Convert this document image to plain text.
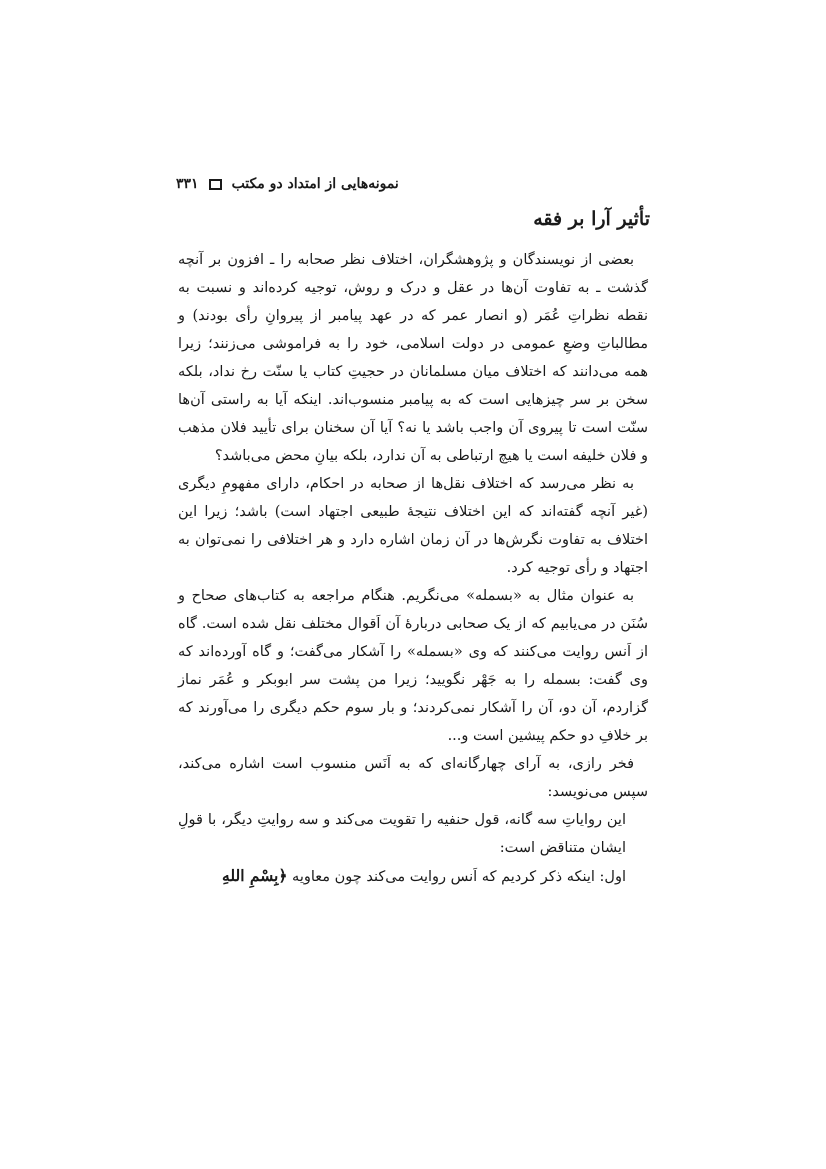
نمونه‌هایی از امتداد دو مکتب
۳۳۱
تأثیر آرا بر فقه

بعضی از نویسندگان و پژوهشگران، اختلاف نظر صحابه را ـ افزون بر آنچه گذشت ـ به تفاوت آن‌ها در عقل و درک و روش، توجیه کرده‌اند و نسبت به نقطه نظراتِ عُمَر (و انصار عمر که در عهد پیامبر از پیروانِ رأی بودند) و مطالباتِ وضعِ عمومی در دولت اسلامی، خود را به فراموشی می‌زنند؛ زیرا همه می‌دانند که اختلاف میان مسلمانان در حجیتِ کتاب یا سنّت رخ نداد، بلکه سخن بر سر چیزهایی است که به پیامبر منسوب‌اند. اینکه آیا به راستی آن‌ها سنّت است تا پیروی آن واجب باشد یا نه؟ آیا آن سخنان برای تأیید فلان مذهب و فلان خلیفه است یا هیچ ارتباطی به آن ندارد، بلکه بیانِ محض می‌باشد؟

به نظر می‌رسد که اختلاف نقل‌ها از صحابه در احکام، دارای مفهومِ دیگری (غیر آنچه گفته‌اند که این اختلاف نتیجهٔ طبیعی اجتهاد است) باشد؛ زیرا این اختلاف به تفاوت نگرش‌ها در آن زمان اشاره دارد و هر اختلافی را نمی‌توان به اجتهاد و رأی توجیه کرد.

به عنوان مثال به «بسمله» می‌نگریم. هنگام مراجعه به کتاب‌های صحاح و سُنَن در می‌یابیم که از یک صحابی دربارهٔ آن اَقوال مختلف نقل شده است. گاه از اَنس روایت می‌کنند که وی «بسمله» را آشکار می‌گفت؛ و گاه آورده‌اند که وی گفت: بسمله را به جَهْر نگویید؛ زیرا من پشت سر ابوبکر و عُمَر نماز گزاردم، آن دو، آن را آشکار نمی‌کردند؛ و بار سوم حکم دیگری را می‌آورند که بر خلافِ دو حکم پیشین است و...

فخر رازی، به آرای چهارگانه‌ای که به اَنَس منسوب است اشاره می‌کند، سپس می‌نویسد:

این روایاتِ سه گانه، قول حنفیه را تقویت می‌کند و سه روایتِ دیگر، با قولِ ایشان متناقض است:

اول: اینکه ذکر کردیم که اَنس روایت می‌کند چون معاویه ﴿بِسْمِ اللهِ
